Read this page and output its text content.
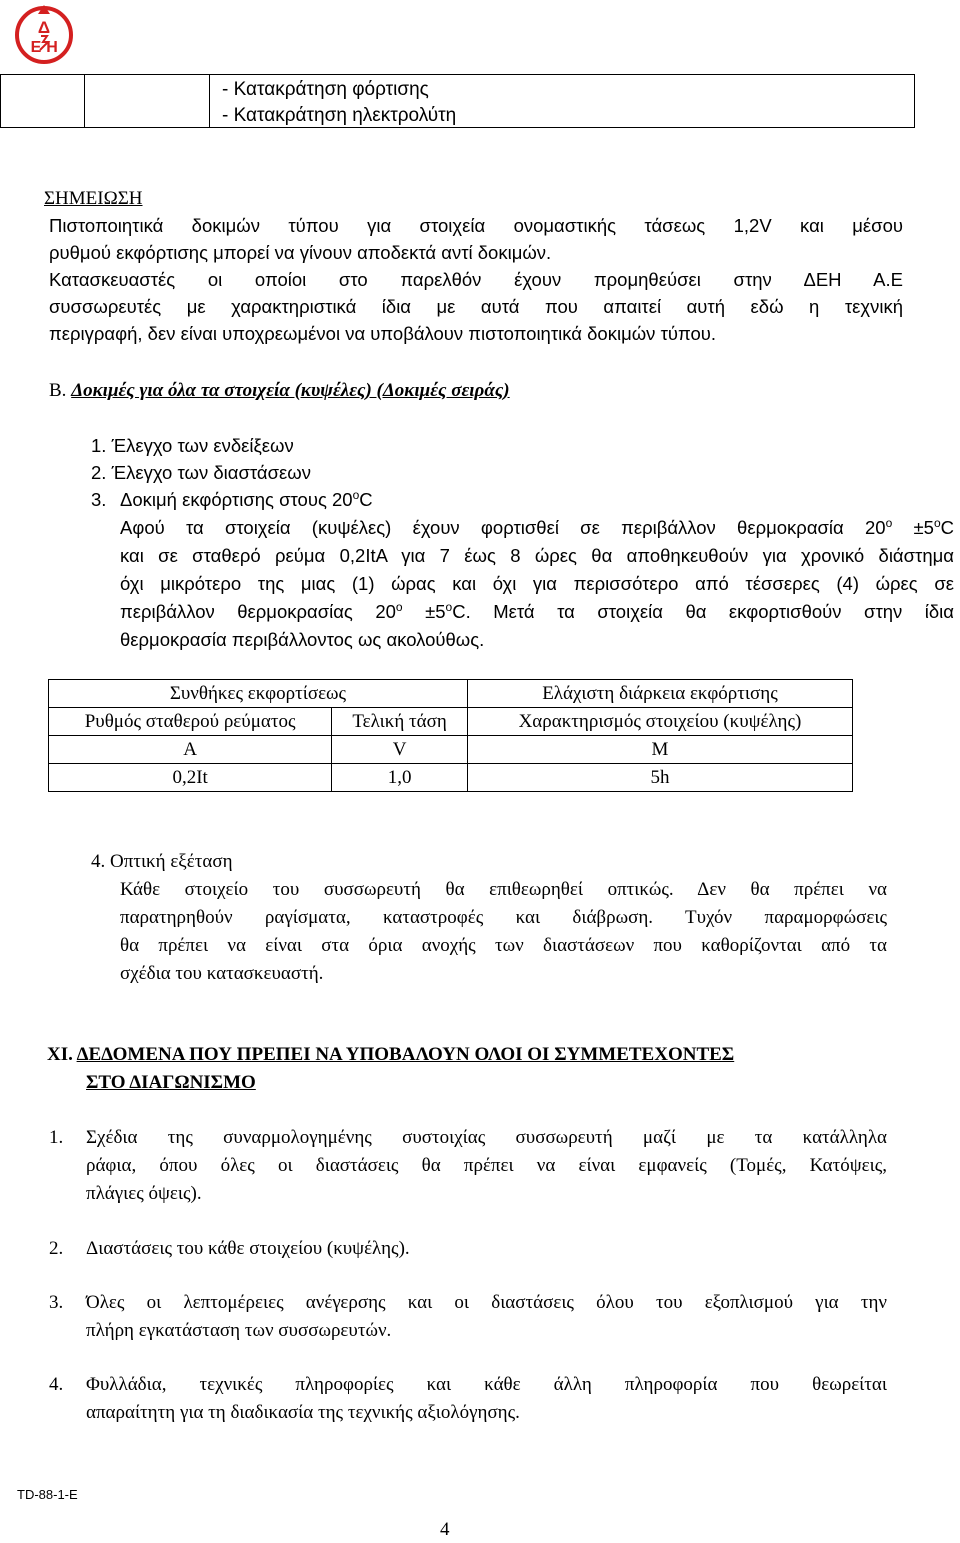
Δ
Ε Η
- Κατακράτηση φόρτισης
- Κατακράτηση ηλεκτρολύτη
ΣΗΜΕΙΩΣΗ
Πιστοποιητικά δοκιμών τύπου για στοιχεία ονομαστικής τάσεως 1,2V και μέσου
ρυθμού εκφόρτισης μπορεί να γίνουν αποδεκτά αντί δοκιμών.
Κατασκευαστές οι οποίοι στο παρελθόν έχουν προμηθεύσει στην ΔΕΗ Α.Ε
συσσωρευτές με χαρακτηριστικά ίδια με αυτά που απαιτεί αυτή εδώ η τεχνική
περιγραφή, δεν είναι υποχρεωμένοι να υποβάλουν πιστοποιητικά δοκιμών τύπου.
Β. Δοκιμές για όλα τα στοιχεία (κυψέλες) (Δοκιμές σειράς)
1. Έλεγχο των ενδείξεων
2. Έλεγχο των διαστάσεων
3. Δοκιμή εκφόρτισης στους 20$^o$C
Αφού τα στοιχεία (κυψέλες) έχουν φορτισθεί σε περιβάλλον θερμοκρασία $20^o \pm 5^oC$
και σε σταθερό ρεύμα 0,2ItA για 7 έως 8 ώρες θα αποθηκευθούν για χρονικό διάστημα
όχι μικρότερο της μιας (1) ώρας και όχι για περισσότερο από τέσσερες (4) ώρες σε
περιβάλλον θερμοκρασίας $20^o \pm 5^oC$. Μετά τα στοιχεία θα εκφορτισθούν στην ίδια
θερμοκρασία περιβάλλοντος ως ακολούθως.
Συνθήκες εκφορτίσεως		Ελάχιστη διάρκεια εκφόρτισης
Ρυθμός σταθερού ρεύματος	Τελική τάση	Χαρακτηρισμός στοιχείου (κυψέλης)
A	V	M
0,2It	1,0	5h
4. Οπτική εξέταση
Κάθε στοιχείο του συσσωρευτή θα επιθεωρηθεί οπτικώς. Δεν θα πρέπει να
παρατηρηθούν ραγίσματα, καταστροφές και διάβρωση. Τυχόν παραμορφώσεις
θα πρέπει να είναι στα όρια ανοχής των διαστάσεων που καθορίζονται από τα
σχέδια του κατασκευαστή.
ΧΙ. ΔΕΔΟΜΕΝΑ ΠΟΥ ΠΡΕΠΕΙ ΝΑ ΥΠΟΒΑΛΟΥΝ ΟΛΟΙ ΟΙ ΣΥΜΜΕΤΕΧΟΝΤΕΣ
ΣΤΟ ΔΙΑΓΩΝΙΣΜΟ
1. Σχέδια της συναρμολογημένης συστοιχίας συσσωρευτή μαζί με τα κατάλληλα
ράφια, όπου όλες οι διαστάσεις θα πρέπει να είναι εμφανείς (Τομές, Κατόψεις,
πλάγιες όψεις).
2. Διαστάσεις του κάθε στοιχείου (κυψέλης).
3. Όλες οι λεπτομέρειες ανέγερσης και οι διαστάσεις όλου του εξοπλισμού για την
πλήρη εγκατάσταση των συσσωρευτών.
4. Φυλλάδια, τεχνικές πληροφορίες και κάθε άλλη πληροφορία που θεωρείται
απαραίτητη για τη διαδικασία της τεχνικής αξιολόγησης.
TD-88-1-E
4
